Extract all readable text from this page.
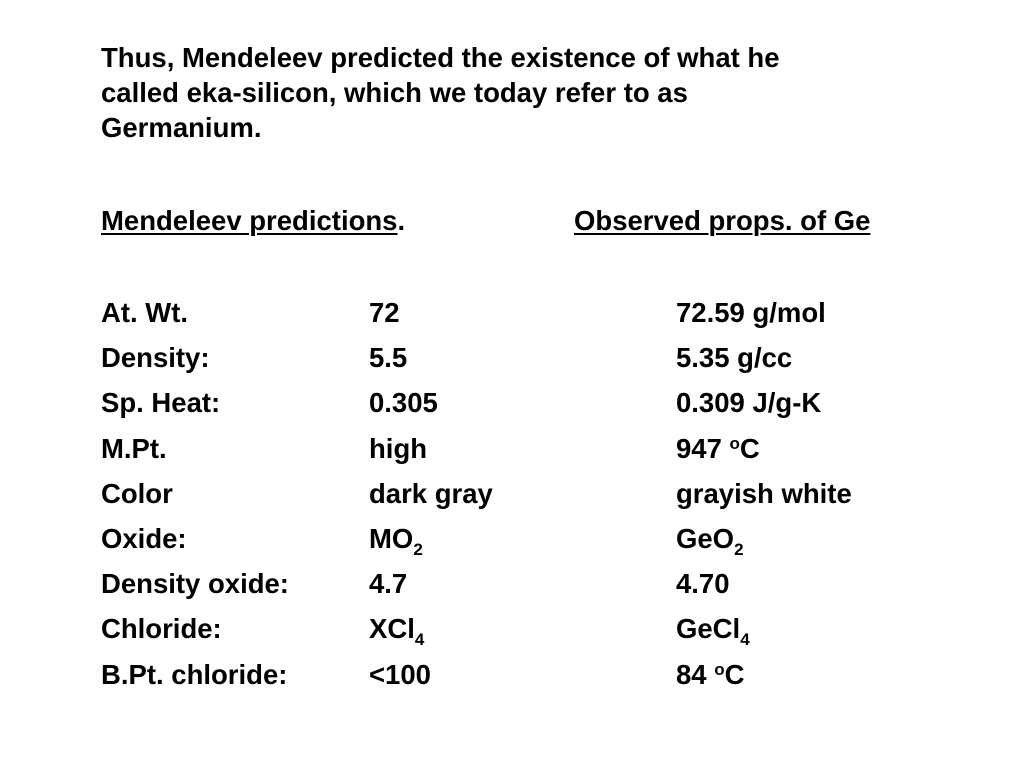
Thus, Mendeleev predicted the existence of what he
called eka-silicon, which we today refer to as
Germanium.

Mendeleev predictions.	Observed props. of Ge
At. Wt.	72	72.59 g/mol
Density:	5.5	5.35 g/cc
Sp. Heat:	0.305	0.309 J/g-K
M.Pt.	high	947 $^o$C
Color	dark gray	grayish white
Oxide:	$MO_2$	GeO$_2$
Density oxide:	4.7	4.70
Chloride:	XCl$_4$	GeCl$_4$
B.Pt. chloride:	<100	84 $^o$C
